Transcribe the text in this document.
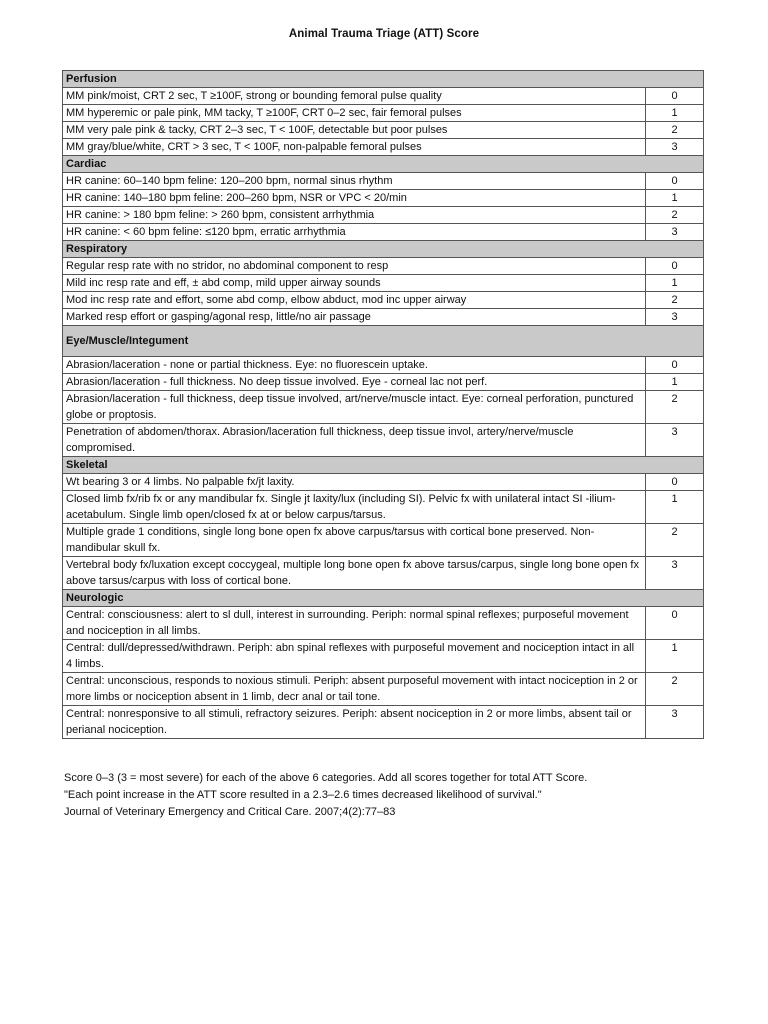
Animal Trauma Triage (ATT) Score
Perfusion	
MM pink/moist, CRT 2 sec, T ≥100F, strong or bounding femoral pulse quality	0
MM hyperemic or pale pink, MM tacky, T ≥100F, CRT 0–2 sec, fair femoral pulses	1
MM very pale pink & tacky, CRT 2–3 sec, T < 100F, detectable but poor pulses	2
MM gray/blue/white, CRT > 3 sec, T < 100F, non-palpable femoral pulses	3
Cardiac	
HR canine: 60–140 bpm feline: 120–200 bpm, normal sinus rhythm	0
HR canine: 140–180 bpm feline: 200–260 bpm, NSR or VPC < 20/min	1
HR canine: > 180 bpm feline: > 260 bpm, consistent arrhythmia	2
HR canine: < 60 bpm feline: ≤120 bpm, erratic arrhythmia	3
Respiratory	
Regular resp rate with no stridor, no abdominal component to resp	0
Mild inc resp rate and eff, ± abd comp, mild upper airway sounds	1
Mod inc resp rate and effort, some abd comp, elbow abduct, mod inc upper airway	2
Marked resp effort or gasping/agonal resp, little/no air passage	3
Eye/Muscle/Integument	
Abrasion/laceration - none or partial thickness. Eye: no fluorescein uptake.	0
Abrasion/laceration - full thickness. No deep tissue involved. Eye - corneal lac not perf.	1
Abrasion/laceration - full thickness, deep tissue involved, art/nerve/muscle intact. Eye: corneal perforation, punctured globe or proptosis.	2
Penetration of abdomen/thorax. Abrasion/laceration full thickness, deep tissue invol, artery/nerve/muscle compromised.	3
Skeletal	
Wt bearing 3 or 4 limbs. No palpable fx/jt laxity.	0
Closed limb fx/rib fx or any mandibular fx. Single jt laxity/lux (including SI). Pelvic fx with unilateral intact SI -ilium-acetabulum. Single limb open/closed fx at or below carpus/tarsus.	1
Multiple grade 1 conditions, single long bone open fx above carpus/tarsus with cortical bone preserved. Non-mandibular skull fx.	2
Vertebral body fx/luxation except coccygeal, multiple long bone open fx above tarsus/carpus, single long bone open fx above tarsus/carpus with loss of cortical bone.	3
Neurologic	
Central: consciousness: alert to sl dull, interest in surrounding. Periph: normal spinal reflexes; purposeful movement and nociception in all limbs.	0
Central: dull/depressed/withdrawn. Periph: abn spinal reflexes with purposeful movement and nociception intact in all 4 limbs.	1
Central: unconscious, responds to noxious stimuli. Periph: absent purposeful movement with intact nociception in 2 or more limbs or nociception absent in 1 limb, decr anal or tail tone.	2
Central: nonresponsive to all stimuli, refractory seizures. Periph: absent nociception in 2 or more limbs, absent tail or perianal nociception.	3
Score 0–3 (3 = most severe) for each of the above 6 categories. Add all scores together for total ATT Score.
"Each point increase in the ATT score resulted in a 2.3–2.6 times decreased likelihood of survival."
Journal of Veterinary Emergency and Critical Care. 2007;4(2):77–83
